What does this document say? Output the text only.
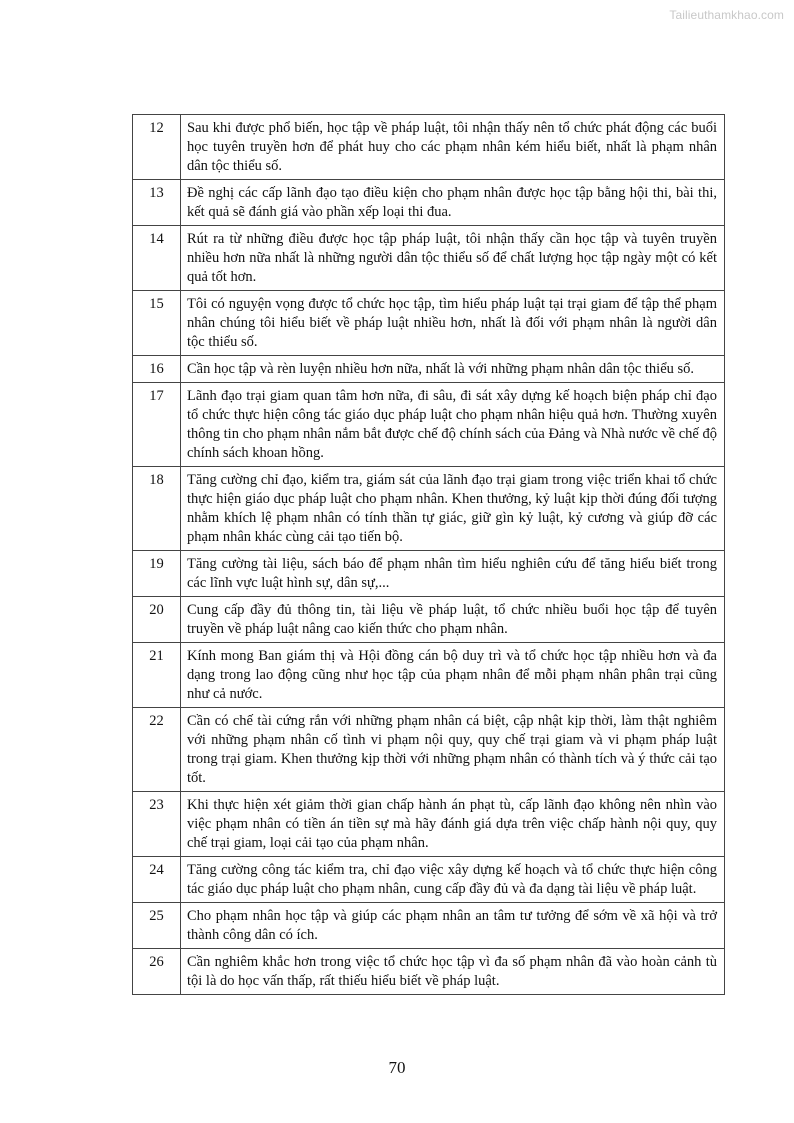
Tailieuthamkhao.com
12	Sau khi được phổ biến, học tập về pháp luật, tôi nhận thấy nên tổ chức phát động các buổi học tuyên truyền hơn để phát huy cho các phạm nhân kém hiểu biết, nhất là phạm nhân dân tộc thiểu số.
13	Đề nghị các cấp lãnh đạo tạo điều kiện cho phạm nhân được học tập bằng hội thi, bài thi, kết quả sẽ đánh giá vào phần xếp loại thi đua.
14	Rút ra từ những điều được học tập pháp luật, tôi nhận thấy cần học tập và tuyên truyền nhiều hơn nữa nhất là những người dân tộc thiểu số để chất lượng học tập ngày một có kết quả tốt hơn.
15	Tôi có nguyện vọng được tổ chức học tập, tìm hiểu pháp luật tại trại giam để tập thể phạm nhân chúng tôi hiểu biết về pháp luật nhiều hơn, nhất là đối với phạm nhân là người dân tộc thiểu số.
16	Cần học tập và rèn luyện nhiều hơn nữa, nhất là với những phạm nhân dân tộc thiểu số.
17	Lãnh đạo trại giam quan tâm hơn nữa, đi sâu, đi sát xây dựng kế hoạch biện pháp chỉ đạo tổ chức thực hiện công tác giáo dục pháp luật cho phạm nhân hiệu quả hơn. Thường xuyên thông tin cho phạm nhân nắm bắt được chế độ chính sách của Đảng và Nhà nước về chế độ chính sách khoan hồng.
18	Tăng cường chỉ đạo, kiểm tra, giám sát của lãnh đạo trại giam trong việc triển khai tổ chức thực hiện giáo dục pháp luật cho phạm nhân. Khen thưởng, kỷ luật kịp thời đúng đối tượng nhằm khích lệ phạm nhân có tính thần tự giác, giữ gìn kỷ luật, kỷ cương và giúp đỡ các phạm nhân khác cùng cải tạo tiến bộ.
19	Tăng cường tài liệu, sách báo để phạm nhân tìm hiểu nghiên cứu để tăng hiểu biết trong các lĩnh vực luật hình sự, dân sự,...
20	Cung cấp đầy đủ thông tin, tài liệu về pháp luật, tổ chức nhiều buổi học tập để tuyên truyền về pháp luật nâng cao kiến thức cho phạm nhân.
21	Kính mong Ban giám thị và Hội đồng cán bộ duy trì và tổ chức học tập nhiều hơn và đa dạng trong lao động cũng như học tập của phạm nhân để mỗi phạm nhân phân trại cũng như cả nước.
22	Cần có chế tài cứng rắn với những phạm nhân cá biệt, cập nhật kịp thời, làm thật nghiêm với những phạm nhân cố tình vi phạm nội quy, quy chế trại giam và vi phạm pháp luật trong trại giam. Khen thưởng kịp thời với những phạm nhân có thành tích và ý thức cải tạo tốt.
23	Khi thực hiện xét giảm thời gian chấp hành án phạt tù, cấp lãnh đạo không nên nhìn vào việc phạm nhân có tiền án tiền sự mà hãy đánh giá dựa trên việc chấp hành nội quy, quy chế trại giam, loại cải tạo của phạm nhân.
24	Tăng cường công tác kiểm tra, chỉ đạo việc xây dựng kế hoạch và tổ chức thực hiện công tác giáo dục pháp luật cho phạm nhân, cung cấp đầy đủ và đa dạng tài liệu về pháp luật.
25	Cho phạm nhân học tập và giúp các phạm nhân an tâm tư tưởng để sớm về xã hội và trở thành công dân có ích.
26	Cần nghiêm khắc hơn trong việc tổ chức học tập vì đa số phạm nhân đã vào hoàn cảnh tù tội là do học vấn thấp, rất thiếu hiểu biết về pháp luật.
70
